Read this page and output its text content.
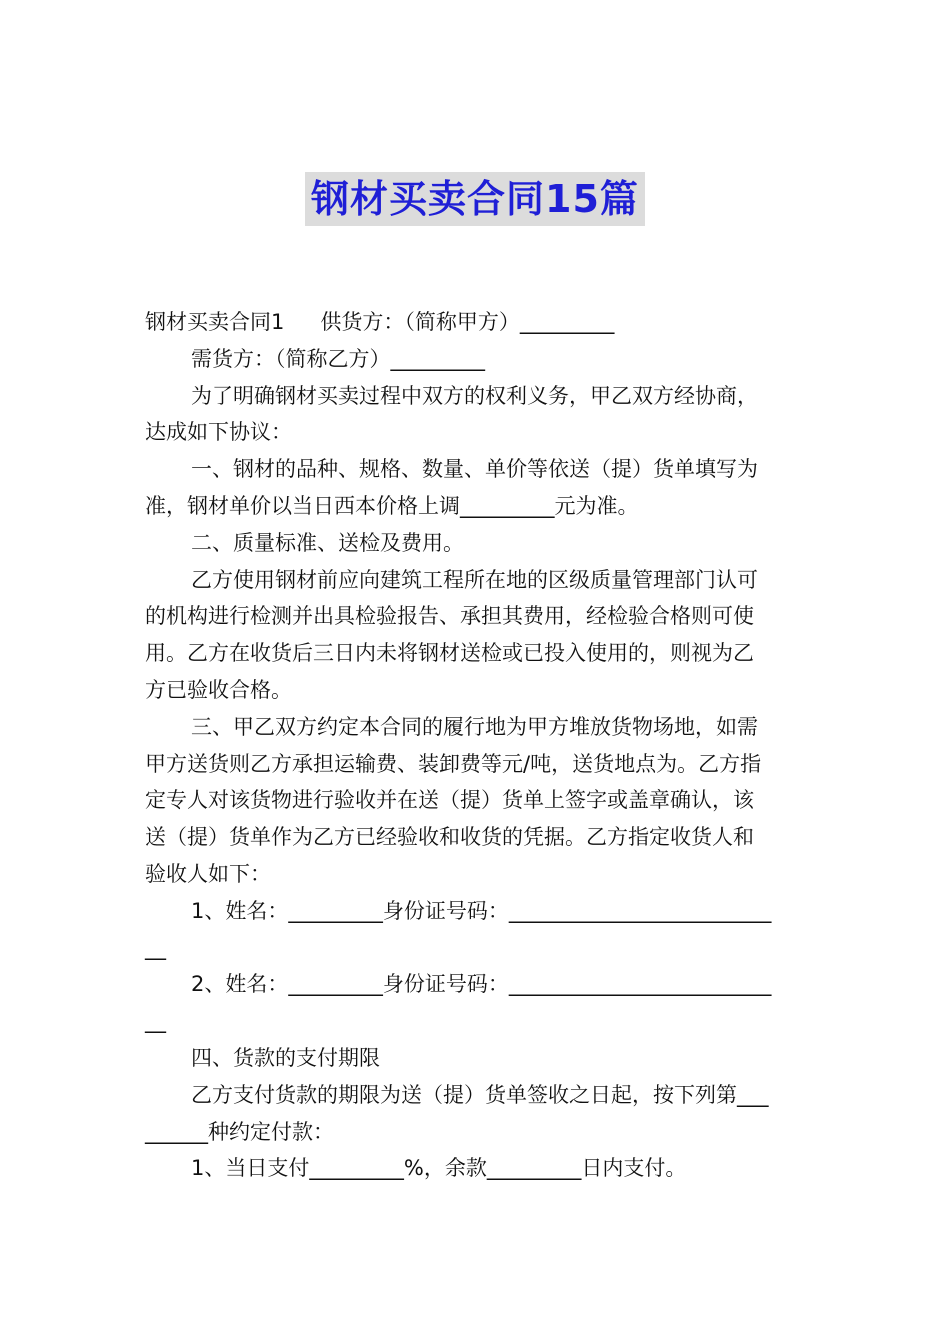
钢材买卖合同15篇
钢材买卖合同1 供货方：（简称甲方）_________
需货方：（简称乙方）_________
为了明确钢材买卖过程中双方的权利义务，甲乙双方经协商，
达成如下协议：
一、钢材的品种、规格、数量、单价等依送（提）货单填写为
准，钢材单价以当日西本价格上调_________元为准。
二、质量标准、送检及费用。
乙方使用钢材前应向建筑工程所在地的区级质量管理部门认可
的机构进行检测并出具检验报告、承担其费用，经检验合格则可使
用。乙方在收货后三日内未将钢材送检或已投入使用的，则视为乙
方已验收合格。
三、甲乙双方约定本合同的履行地为甲方堆放货物场地，如需
甲方送货则乙方承担运输费、装卸费等元/吨，送货地点为。乙方指
定专人对该货物进行验收并在送（提）货单上签字或盖章确认，该
送（提）货单作为乙方已经验收和收货的凭据。乙方指定收货人和
验收人如下：
1、姓名：_________身份证号码：_________________________
__
2、姓名：_________身份证号码：_________________________
__
四、货款的支付期限
乙方支付货款的期限为送（提）货单签收之日起，按下列第___
______种约定付款：
1、当日支付_________%，余款_________日内支付。
